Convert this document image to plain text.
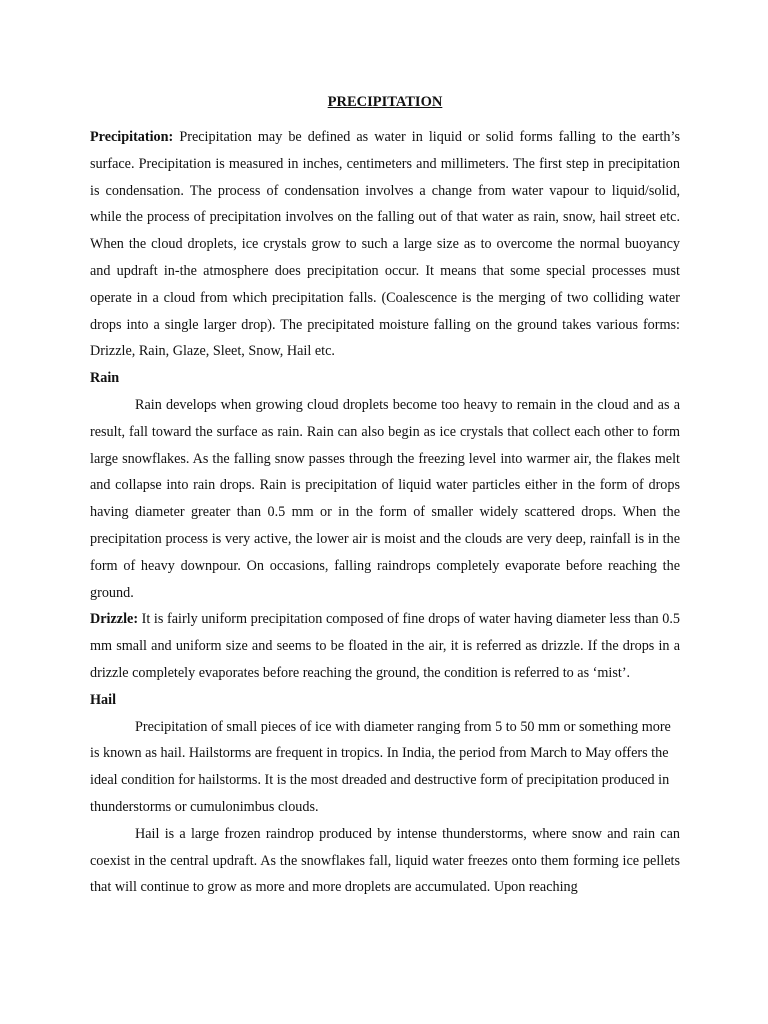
PRECIPITATION

Precipitation: Precipitation may be defined as water in liquid or solid forms falling to the earth’s surface. Precipitation is measured in inches, centimeters and millimeters. The first step in precipitation is condensation. The process of condensation involves a change from water vapour to liquid/solid, while the process of precipitation involves on the falling out of that water as rain, snow, hail street etc. When the cloud droplets, ice crystals grow to such a large size as to overcome the normal buoyancy and updraft in-the atmosphere does precipitation occur. It means that some special processes must operate in a cloud from which precipitation falls. (Coalescence is the merging of two colliding water drops into a single larger drop). The precipitated moisture falling on the ground takes various forms: Drizzle, Rain, Glaze, Sleet, Snow, Hail etc.

Rain

Rain develops when growing cloud droplets become too heavy to remain in the cloud and as a result, fall toward the surface as rain. Rain can also begin as ice crystals that collect each other to form large snowflakes. As the falling snow passes through the freezing level into warmer air, the flakes melt and collapse into rain drops. Rain is precipitation of liquid water particles either in the form of drops having diameter greater than 0.5 mm or in the form of smaller widely scattered drops. When the precipitation process is very active, the lower air is moist and the clouds are very deep, rainfall is in the form of heavy downpour. On occasions, falling raindrops completely evaporate before reaching the ground.

Drizzle: It is fairly uniform precipitation composed of fine drops of water having diameter less than 0.5 mm small and uniform size and seems to be floated in the air, it is referred as drizzle. If the drops in a drizzle completely evaporates before reaching the ground, the condition is referred to as ‘mist’.

Hail

Precipitation of small pieces of ice with diameter ranging from 5 to 50 mm or something more is known as hail. Hailstorms are frequent in tropics. In India, the period from March to May offers the ideal condition for hailstorms. It is the most dreaded and destructive form of precipitation produced in thunderstorms or cumulonimbus clouds.

Hail is a large frozen raindrop produced by intense thunderstorms, where snow and rain can coexist in the central updraft. As the snowflakes fall, liquid water freezes onto them forming ice pellets that will continue to grow as more and more droplets are accumulated. Upon reaching
